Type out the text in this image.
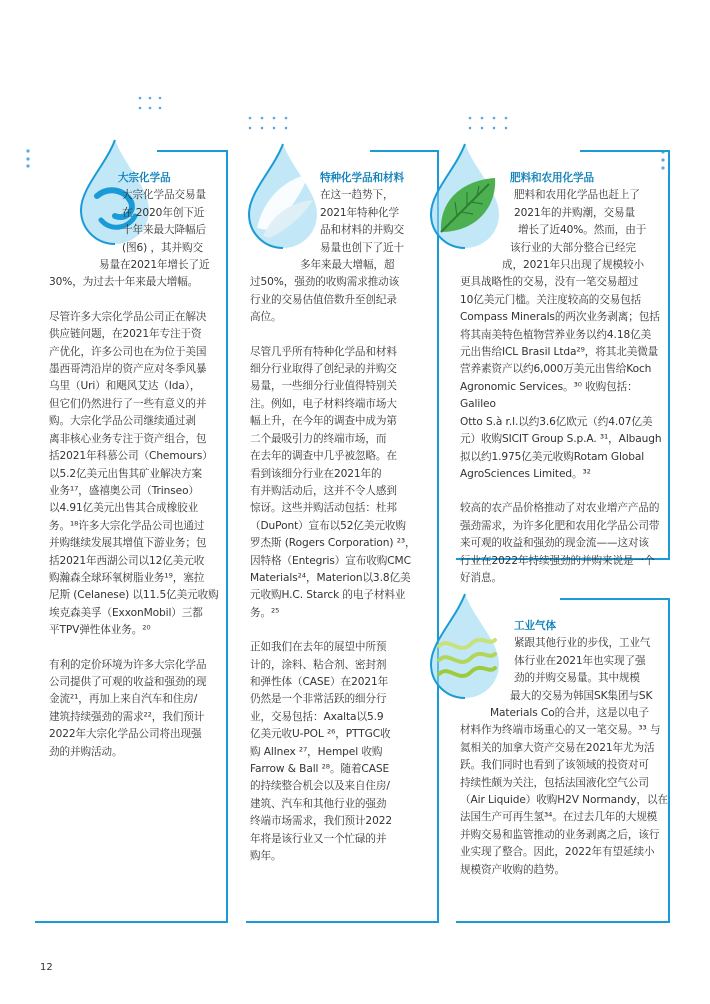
大宗化学品
大宗化学品交易量
在 2020年创下近
十年来最大降幅后
(图6) ，其并购交
易量在2021年增长了近
30%，为过去十年来最大增幅。
尽管许多大宗化学品公司正在解决
供应链问题，在2021年专注于资
产优化，许多公司也在为位于美国
墨西哥湾沿岸的资产应对冬季风暴
乌里（Uri）和飓风艾达（Ida），
但它们仍然进行了一些有意义的并
购。大宗化学品公司继续通过剥
离非核心业务专注于资产组合，包
括2021年科慕公司（Chemours）
以5.2亿美元出售其矿业解决方案
业务¹⁷，盛禧奥公司（Trinseo）
以4.91亿美元出售其合成橡胶业
务。¹⁸许多大宗化学品公司也通过
并购继续发展其增值下游业务；包
括2021年西湖公司以12亿美元收
购瀚森全球环氧树脂业务¹⁹，塞拉
尼斯 (Celanese) 以11.5亿美元收购
埃克森美孚（ExxonMobil）三都
平TPV弹性体业务。²⁰
有利的定价环境为许多大宗化学品
公司提供了可观的收益和强劲的现
金流²¹，再加上来自汽车和住房/
建筑持续强劲的需求²²，我们预计
2022年大宗化学品公司将出现强
劲的并购活动。
特种化学品和材料
在这一趋势下，
2021年特种化学
品和材料的并购交
易量也创下了近十
多年来最大增幅，超
过50%，强劲的收购需求推动该
行业的交易估值倍数升至创纪录
高位。
尽管几乎所有特种化学品和材料
细分行业取得了创纪录的并购交
易量，一些细分行业值得特别关
注。例如，电子材料终端市场大
幅上升，在今年的调查中成为第
二个最吸引力的终端市场，而
在去年的调查中几乎被忽略。在
看到该细分行业在2021年的
有并购活动后，这并不令人感到
惊讶。这些并购活动包括：杜邦
（DuPont）宣布以52亿美元收购
罗杰斯 (Rogers Corporation) ²³，
因特格（Entegris）宣布收购CMC
Materials²⁴，Materion以3.8亿美
元收购H.C. Starck 的电子材料业
务。²⁵
正如我们在去年的展望中所预
计的，涂料、粘合剂、密封剂
和弹性体（CASE）在2021年
仍然是一个非常活跃的细分行
业，交易包括：Axalta以5.9
亿美元收U-POL ²⁶，PTTGC收
购 Allnex ²⁷，Hempel 收购
Farrow & Ball ²⁸。随着CASE
的持续整合机会以及来自住房/
建筑、汽车和其他行业的强劲
终端市场需求，我们预计2022
年将是该行业又一个忙碌的并
购年。
肥料和农用化学品
肥料和农用化学品也赶上了
2021年的并购潮，交易量
增长了近40%。然而，由于
该行业的大部分整合已经完
成，2021年只出现了规模较小
更具战略性的交易，没有一笔交易超过
10亿美元门槛。关注度较高的交易包括
Compass Minerals的两次业务剥离；包括
将其南美特色植物营养业务以约4.18亿美
元出售给ICL Brasil Ltda²⁹，将其北美微量
营养素资产以约6,000万美元出售给Koch
Agronomic Services。³⁰ 收购包括：Galileo
Otto S.à r.l.以约3.6亿欧元（约4.07亿美
元）收购SICIT Group S.p.A. ³¹，Albaugh
拟以约1.975亿美元收购Rotam Global
AgroSciences Limited。³²
较高的农产品价格推动了对农业增产产品的
强劲需求，为许多化肥和农用化学品公司带
来可观的收益和强劲的现金流——这对该
行业在2022年持续强劲的并购来说是一个
好消息。
工业气体
紧跟其他行业的步伐，工业气
体行业在2021年也实现了强
劲的并购交易量。其中规模
最大的交易为韩国SK集团与SK
Materials Co的合并，这是以电子
材料作为终端市场重心的又一笔交易。³³ 与
氦相关的加拿大资产交易在2021年尤为活
跃。我们同时也看到了该领域的投资对可
持续性颇为关注，包括法国液化空气公司
（Air Liquide）收购H2V Normandy，以在
法国生产可再生氢³⁴。在过去几年的大规模
并购交易和监管推动的业务剥离之后，该行
业实现了整合。因此，2022年有望延续小
规模资产收购的趋势。
12
